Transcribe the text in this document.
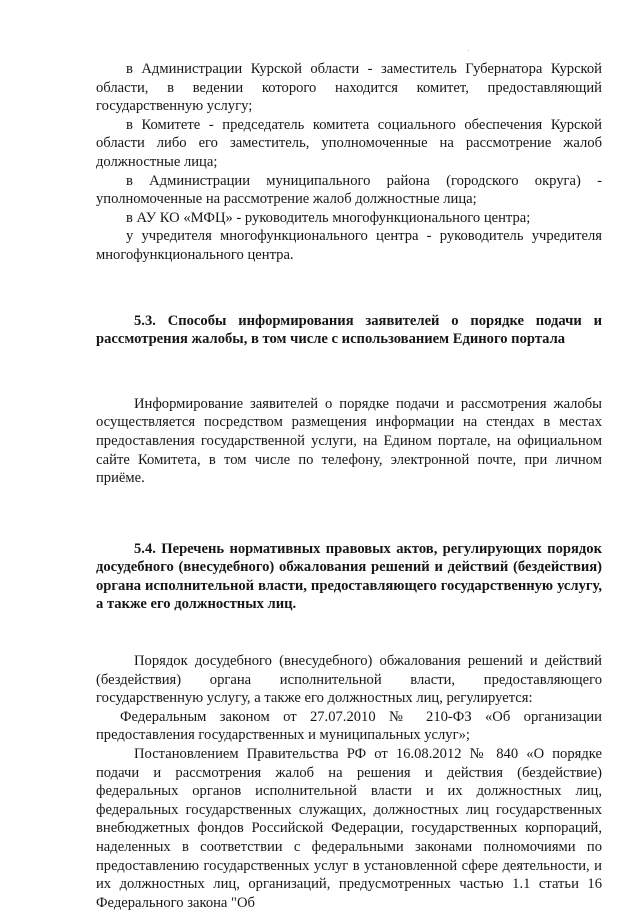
в Администрации Курской области - заместитель Губернатора Курской области, в ведении которого находится комитет, предоставляющий государственную услугу;

в Комитете - председатель комитета социального обеспечения Курской области либо его заместитель, уполномоченные на рассмотрение жалоб должностные лица;

в Администрации муниципального района (городского округа) - уполномоченные на рассмотрение жалоб должностные лица;

в АУ КО «МФЦ» - руководитель многофункционального центра;

у учредителя многофункционального центра - руководитель учредителя многофункционального центра.

5.3. Способы информирования заявителей о порядке подачи и рассмотрения жалобы, в том числе с использованием Единого портала

Информирование заявителей о порядке подачи и рассмотрения жалобы осуществляется посредством размещения информации на стендах в местах предоставления государственной услуги, на Едином портале, на официальном сайте Комитета, в том числе по телефону, электронной почте, при личном приёме.

5.4. Перечень нормативных правовых актов, регулирующих порядок досудебного (внесудебного) обжалования решений и действий (бездействия) органа исполнительной власти, предоставляющего государственную услугу, а также его должностных лиц.

Порядок досудебного (внесудебного) обжалования решений и действий (бездействия) органа исполнительной власти, предоставляющего государственную услугу, а также его должностных лиц, регулируется:

Федеральным законом от 27.07.2010 № 210-ФЗ «Об организации предоставления государственных и муниципальных услуг»;

Постановлением Правительства РФ от 16.08.2012 № 840 «О порядке подачи и рассмотрения жалоб на решения и действия (бездействие) федеральных органов исполнительной власти и их должностных лиц, федеральных государственных служащих, должностных лиц государственных внебюджетных фондов Российской Федерации, государственных корпораций, наделенных в соответствии с федеральными законами полномочиями по предоставлению государственных услуг в установленной сфере деятельности, и их должностных лиц, организаций, предусмотренных частью 1.1 статьи 16 Федерального закона "Об
